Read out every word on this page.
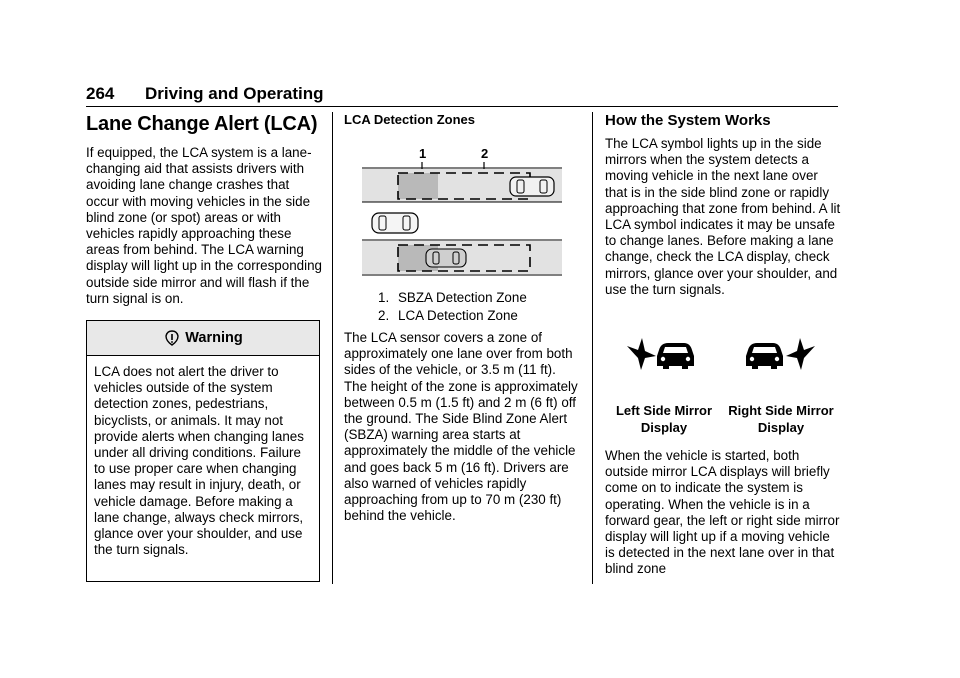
264 Driving and Operating
Lane Change Alert (LCA)

If equipped, the LCA system is a lane-changing aid that assists drivers with avoiding lane change crashes that occur with moving vehicles in the side blind zone (or spot) areas or with vehicles rapidly approaching these areas from behind. The LCA warning display will light up in the corresponding outside side mirror and will flash if the turn signal is on.

Warning

LCA does not alert the driver to vehicles outside of the system detection zones, pedestrians, bicyclists, or animals. It may not provide alerts when changing lanes under all driving conditions. Failure to use proper care when changing lanes may result in injury, death, or vehicle damage. Before making a lane change, always check mirrors, glance over your shoulder, and use the turn signals.

LCA Detection Zones
1	2
1. SBZA Detection Zone
2. LCA Detection Zone

The LCA sensor covers a zone of approximately one lane over from both sides of the vehicle, or 3.5 m (11 ft). The height of the zone is approximately between 0.5 m (1.5 ft) and 2 m (6 ft) off the ground. The Side Blind Zone Alert (SBZA) warning area starts at approximately the middle of the vehicle and goes back 5 m (16 ft). Drivers are also warned of vehicles rapidly approaching from up to 70 m (230 ft) behind the vehicle.

How the System Works

The LCA symbol lights up in the side mirrors when the system detects a moving vehicle in the next lane over that is in the side blind zone or rapidly approaching that zone from behind. A lit LCA symbol indicates it may be unsafe to change lanes. Before making a lane change, check the LCA display, check mirrors, glance over your shoulder, and use the turn signals.

Left Side Mirror
Display
Right Side Mirror
Display

When the vehicle is started, both outside mirror LCA displays will briefly come on to indicate the system is operating. When the vehicle is in a forward gear, the left or right side mirror display will light up if a moving vehicle is detected in the next lane over in that blind zone
